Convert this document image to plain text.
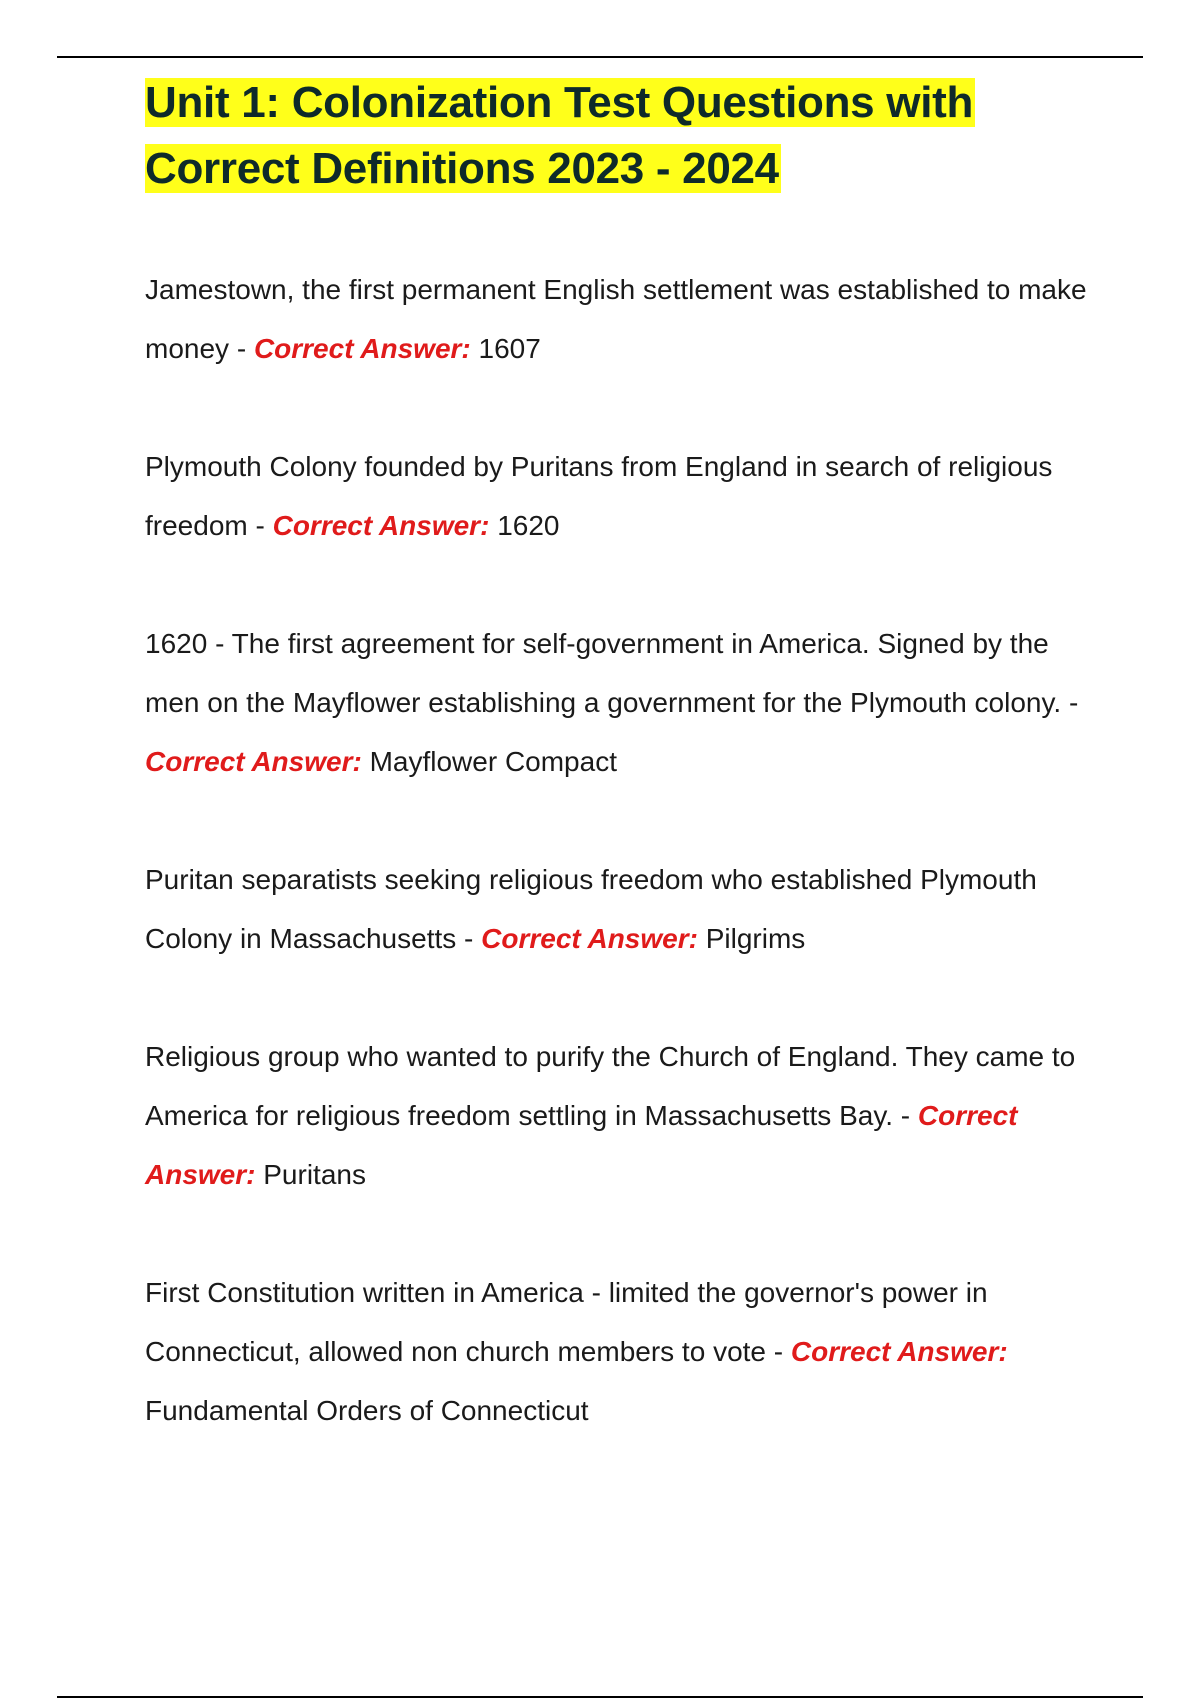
Unit 1: Colonization Test Questions with
Correct Definitions 2023 - 2024

Jamestown, the first permanent English settlement was established to make money - Correct Answer: 1607

Plymouth Colony founded by Puritans from England in search of religious freedom - Correct Answer: 1620

1620 - The first agreement for self-government in America. Signed by the men on the Mayflower establishing a government for the Plymouth colony. - Correct Answer: Mayflower Compact

Puritan separatists seeking religious freedom who established Plymouth Colony in Massachusetts - Correct Answer: Pilgrims

Religious group who wanted to purify the Church of England. They came to America for religious freedom settling in Massachusetts Bay. - Correct Answer: Puritans

First Constitution written in America - limited the governor's power in Connecticut, allowed non church members to vote - Correct Answer: Fundamental Orders of Connecticut
